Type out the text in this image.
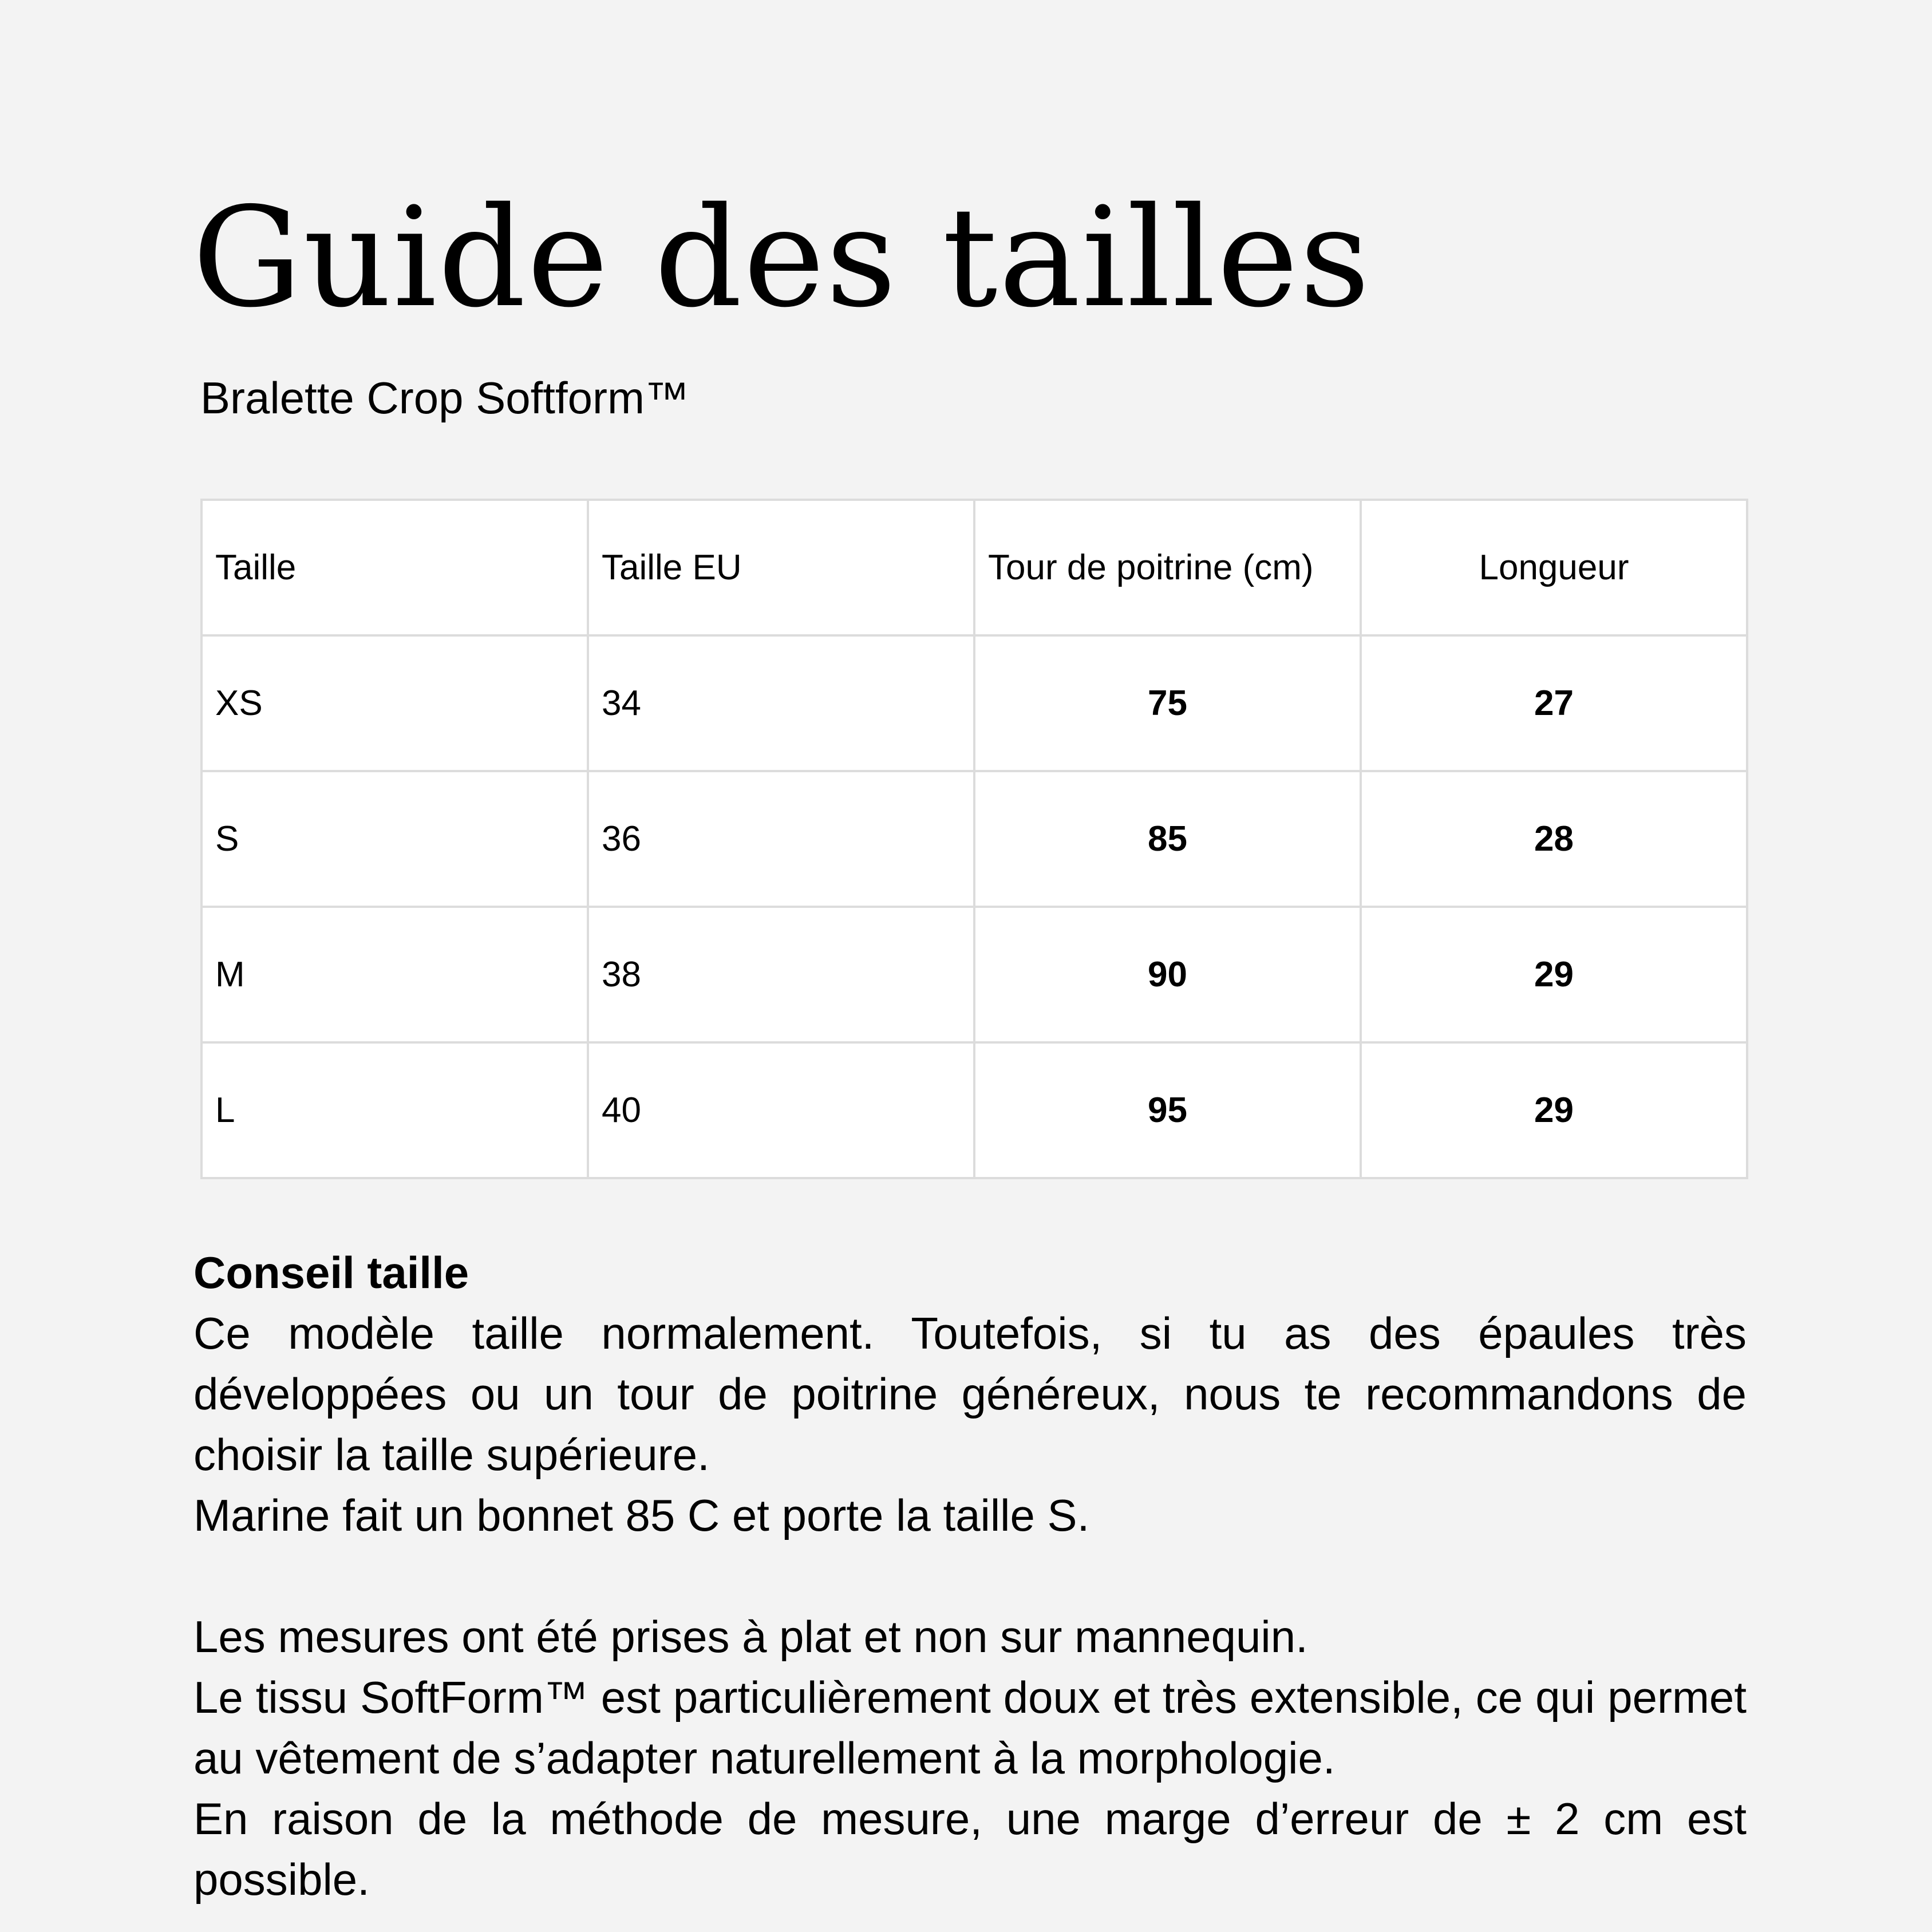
Guide des tailles
Bralette Crop Softform™
Taille	Taille EU	Tour de poitrine (cm)	Longueur
XS	34	75	27
S	36	85	28
M	38	90	29
L	40	95	29
Conseil taille

Ce modèle taille normalement. Toutefois, si tu as des épaules très développées ou un tour de poitrine généreux, nous te recommandons de choisir la taille supérieure.

Marine fait un bonnet 85 C et porte la taille S.

Les mesures ont été prises à plat et non sur mannequin.

Le tissu SoftForm™ est particulièrement doux et très extensible, ce qui permet au vêtement de s’adapter naturellement à la morphologie.

En raison de la méthode de mesure, une marge d’erreur de ± 2 cm est possible.
